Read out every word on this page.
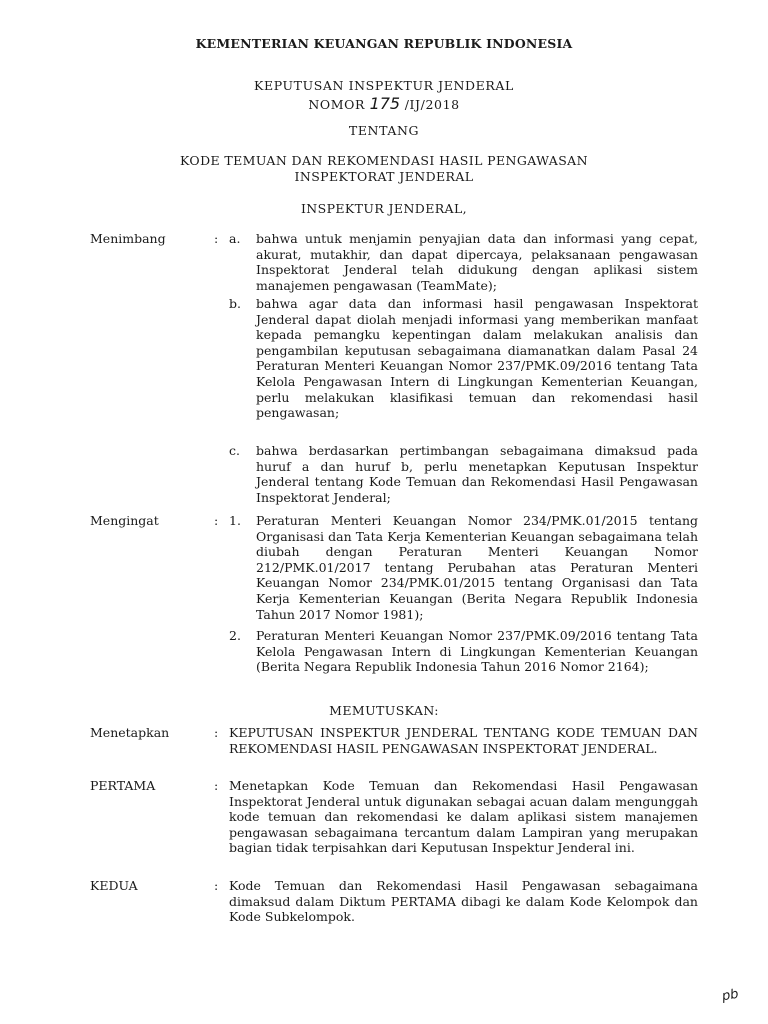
KEMENTERIAN KEUANGAN REPUBLIK INDONESIA
KEPUTUSAN INSPEKTUR JENDERAL
NOMOR 175 /IJ/2018
TENTANG
KODE TEMUAN DAN REKOMENDASI HASIL PENGAWASAN
INSPEKTORAT JENDERAL
INSPEKTUR JENDERAL,
Menimbang	: a. bahwa untuk menjamin penyajian data dan informasi yang cepat, akurat, mutakhir, dan dapat dipercaya, pelaksanaan pengawasan Inspektorat Jenderal telah didukung dengan aplikasi sistem manajemen pengawasan (TeamMate);

b. bahwa agar data dan informasi hasil pengawasan Inspektorat Jenderal dapat diolah menjadi informasi yang memberikan manfaat kepada pemangku kepentingan dalam melakukan analisis dan pengambilan keputusan sebagaimana diamanatkan dalam Pasal 24 Peraturan Menteri Keuangan Nomor 237/PMK.09/2016 tentang Tata Kelola Pengawasan Intern di Lingkungan Kementerian Keuangan, perlu melakukan klasifikasi temuan dan rekomendasi hasil pengawasan;

c. bahwa berdasarkan pertimbangan sebagaimana dimaksud pada huruf a dan huruf b, perlu menetapkan Keputusan Inspektur Jenderal tentang Kode Temuan dan Rekomendasi Hasil Pengawasan Inspektorat Jenderal;

Mengingat	: 1. Peraturan Menteri Keuangan Nomor 234/PMK.01/2015 tentang Organisasi dan Tata Kerja Kementerian Keuangan sebagaimana telah diubah dengan Peraturan Menteri Keuangan Nomor 212/PMK.01/2017 tentang Perubahan atas Peraturan Menteri Keuangan Nomor 234/PMK.01/2015 tentang Organisasi dan Tata Kerja Kementerian Keuangan (Berita Negara Republik Indonesia Tahun 2017 Nomor 1981);

2. Peraturan Menteri Keuangan Nomor 237/PMK.09/2016 tentang Tata Kelola Pengawasan Intern di Lingkungan Kementerian Keuangan (Berita Negara Republik Indonesia Tahun 2016 Nomor 2164);

MEMUTUSKAN:
Menetapkan	: KEPUTUSAN INSPEKTUR JENDERAL TENTANG KODE TEMUAN DAN REKOMENDASI HASIL PENGAWASAN INSPEKTORAT JENDERAL.

PERTAMA	: Menetapkan Kode Temuan dan Rekomendasi Hasil Pengawasan Inspektorat Jenderal untuk digunakan sebagai acuan dalam mengunggah kode temuan dan rekomendasi ke dalam aplikasi sistem manajemen pengawasan sebagaimana tercantum dalam Lampiran yang merupakan bagian tidak terpisahkan dari Keputusan Inspektur Jenderal ini.

KEDUA	: Kode Temuan dan Rekomendasi Hasil Pengawasan sebagaimana dimaksud dalam Diktum PERTAMA dibagi ke dalam Kode Kelompok dan Kode Subkelompok.

pb
